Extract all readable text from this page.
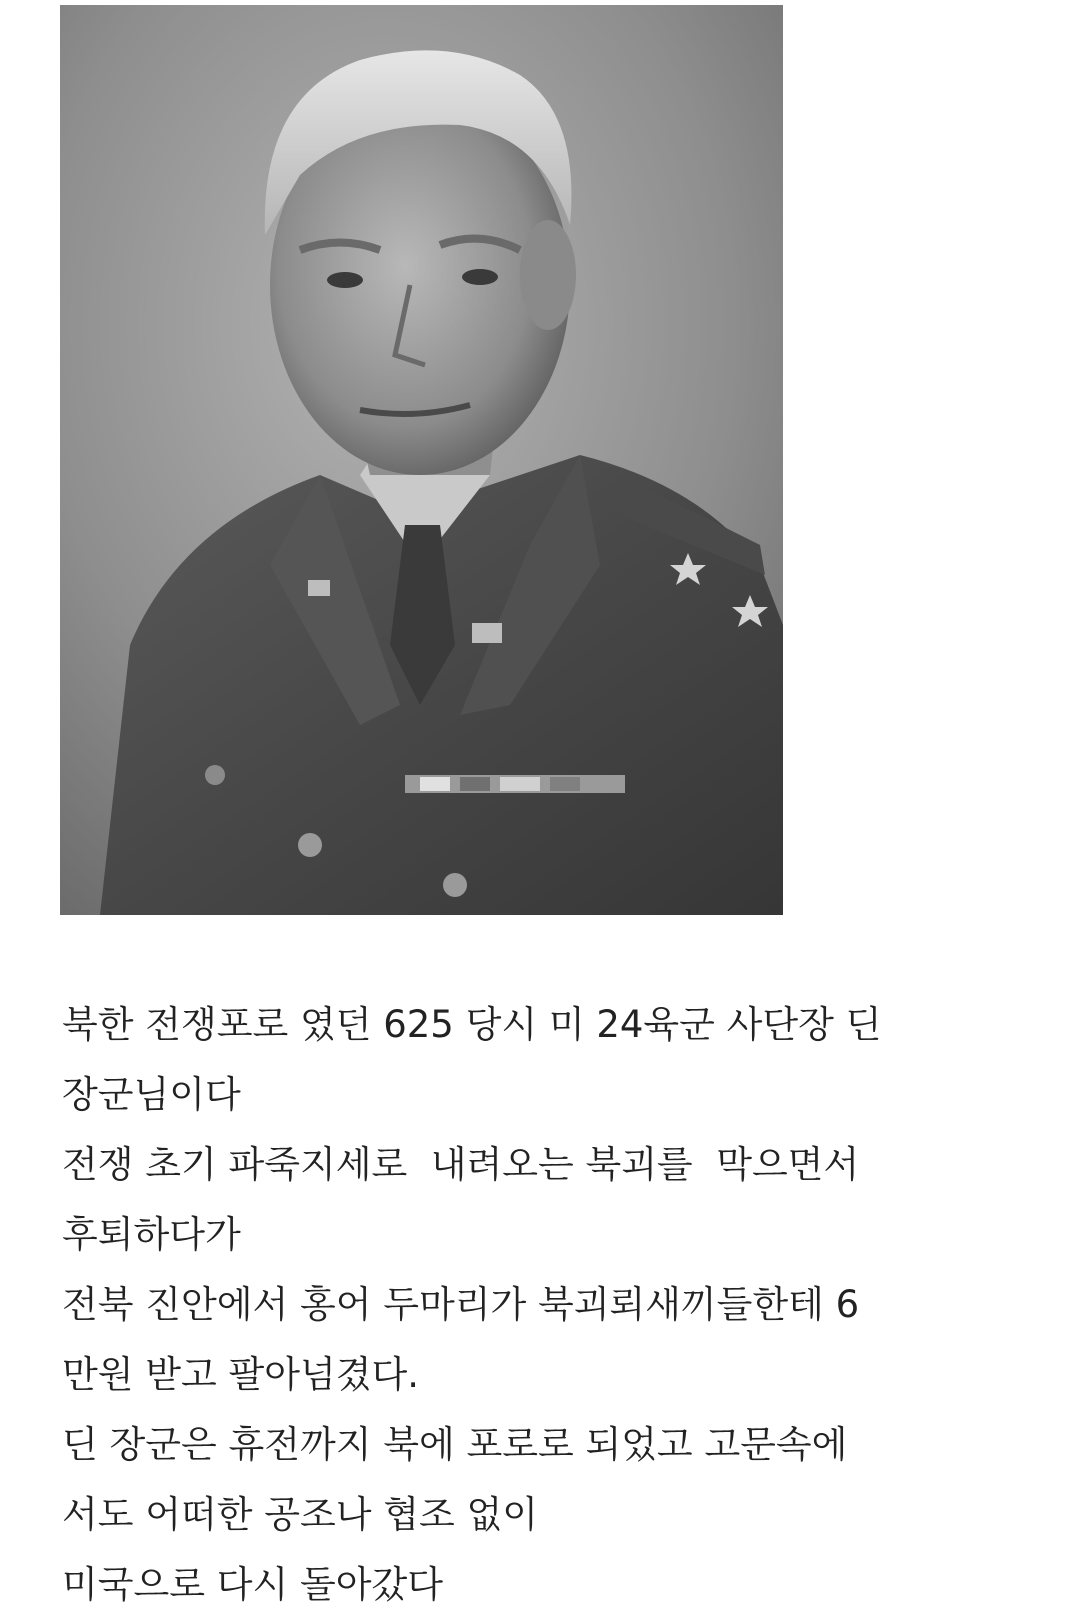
북한 전쟁포로 였던 625 당시 미 24육군 사단장 딘
장군님이다
전쟁 초기 파죽지세로  내려오는 북괴를  막으면서
후퇴하다가
전북 진안에서 홍어 두마리가 북괴뢰새끼들한테 6
만원 받고 팔아넘겼다.
딘 장군은 휴전까지 북에 포로로 되었고 고문속에
서도 어떠한 공조나 협조 없이
미국으로 다시 돌아갔다
